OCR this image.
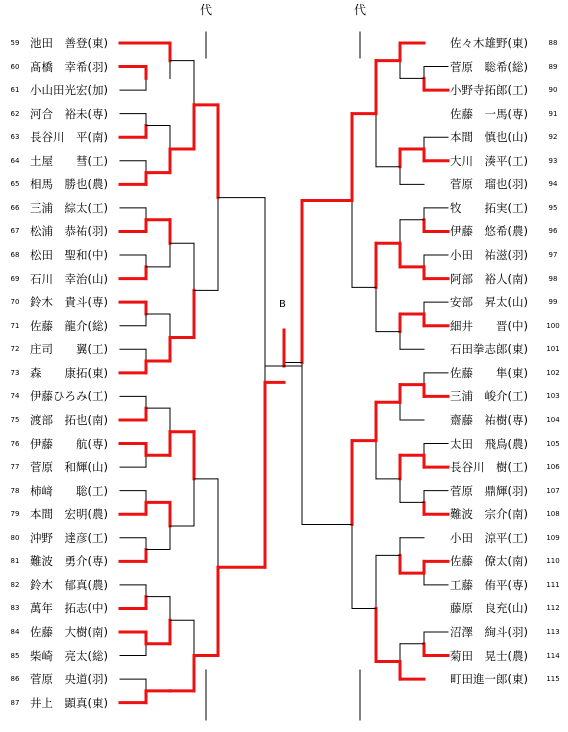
代	代
B
59 池田　善登(東)
60 髙橋　幸希(羽)
61 小山田光宏(加)
62 河合　裕未(専)
63 長谷川　平(南)
64 土屋　　彗(工)
65 相馬　勝也(農)
66 三浦　綜太(工)
67 松浦　恭祐(羽)
68 松田　聖和(中)
69 石川　幸治(山)
70 鈴木　貴斗(専)
71 佐藤　龍介(総)
72 庄司　　翼(工)
73 森　　康拓(東)
74 伊藤ひろみ(工)
75 渡部　拓也(南)
76 伊藤　　航(専)
77 菅原　和輝(山)
78 柿﨑　　聡(工)
79 本間　宏明(農)
80 沖野　達彦(工)
81 難波　勇介(専)
82 鈴木　郁真(農)
83 萬年　拓志(中)
84 佐藤　大樹(南)
85 柴崎　亮太(総)
86 菅原　央道(羽)
87 井上　顕真(東)
88
佐々木雄野(東)
89
菅原　聡希(総)
90
小野寺拓郎(工)
91
佐藤　一馬(専)
92
本間　慎也(山)
93
大川　湊平(工)
94
菅原　瑠也(羽)
95
牧　　拓実(工)
96
伊藤　悠希(農)
97
小田　祐滋(羽)
98
阿部　裕人(南)
99
安部　昇太(山)
100
細井　　晋(中)
101
石田拳志郎(東)
102
佐藤　　隼(東)
103
三浦　峻介(工)
104
齋藤　祐樹(専)
105
太田　飛鳥(農)
106
長谷川　樹(工)
107
菅原　鼎輝(羽)
108
難波　宗介(南)
109
小田　涼平(工)
110
佐藤　僚太(南)
111
工藤　侑平(専)
112
藤原　良充(山)
113
沼澤　絢斗(羽)
114
菊田　晃士(農)
115
町田進一郎(東)
